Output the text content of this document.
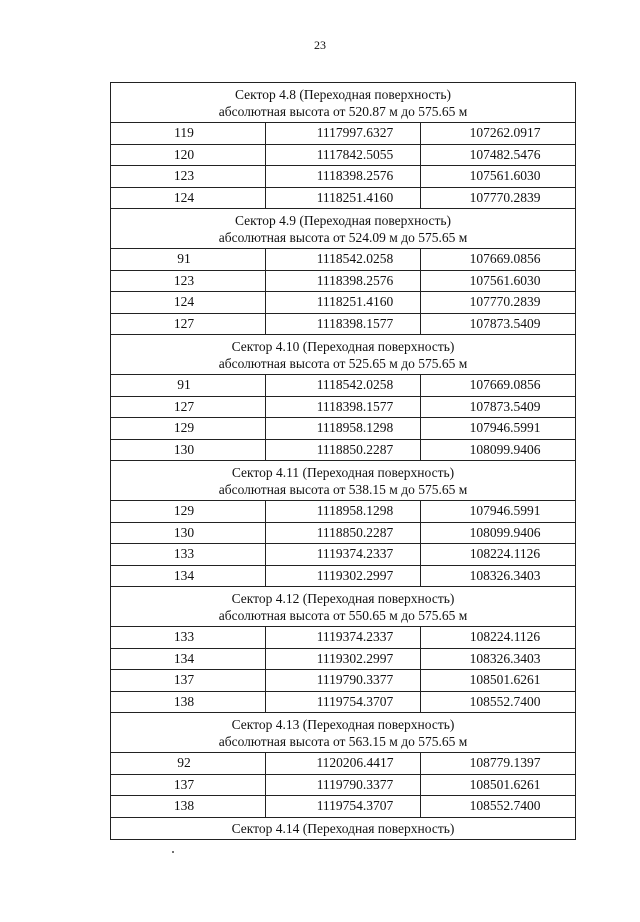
23
Сектор 4.8 (Переходная поверхность)
абсолютная высота от 520.87 м до 575.65 м		

119	1117997.6327	107262.0917
120	1117842.5055	107482.5476
123	1118398.2576	107561.6030
124	1118251.4160	107770.2839

Сектор 4.9 (Переходная поверхность)
абсолютная высота от 524.09 м до 575.65 м		

91	1118542.0258	107669.0856
123	1118398.2576	107561.6030
124	1118251.4160	107770.2839
127	1118398.1577	107873.5409

Сектор 4.10 (Переходная поверхность)
абсолютная высота от 525.65 м до 575.65 м		

91	1118542.0258	107669.0856
127	1118398.1577	107873.5409
129	1118958.1298	107946.5991
130	1118850.2287	108099.9406

Сектор 4.11 (Переходная поверхность)
абсолютная высота от 538.15 м до 575.65 м		

129	1118958.1298	107946.5991
130	1118850.2287	108099.9406
133	1119374.2337	108224.1126
134	1119302.2997	108326.3403

Сектор 4.12 (Переходная поверхность)
абсолютная высота от 550.65 м до 575.65 м		

133	1119374.2337	108224.1126
134	1119302.2997	108326.3403
137	1119790.3377	108501.6261
138	1119754.3707	108552.7400

Сектор 4.13 (Переходная поверхность)
абсолютная высота от 563.15 м до 575.65 м		

92	1120206.4417	108779.1397
137	1119790.3377	108501.6261
138	1119754.3707	108552.7400

Сектор 4.14 (Переходная поверхность)		
